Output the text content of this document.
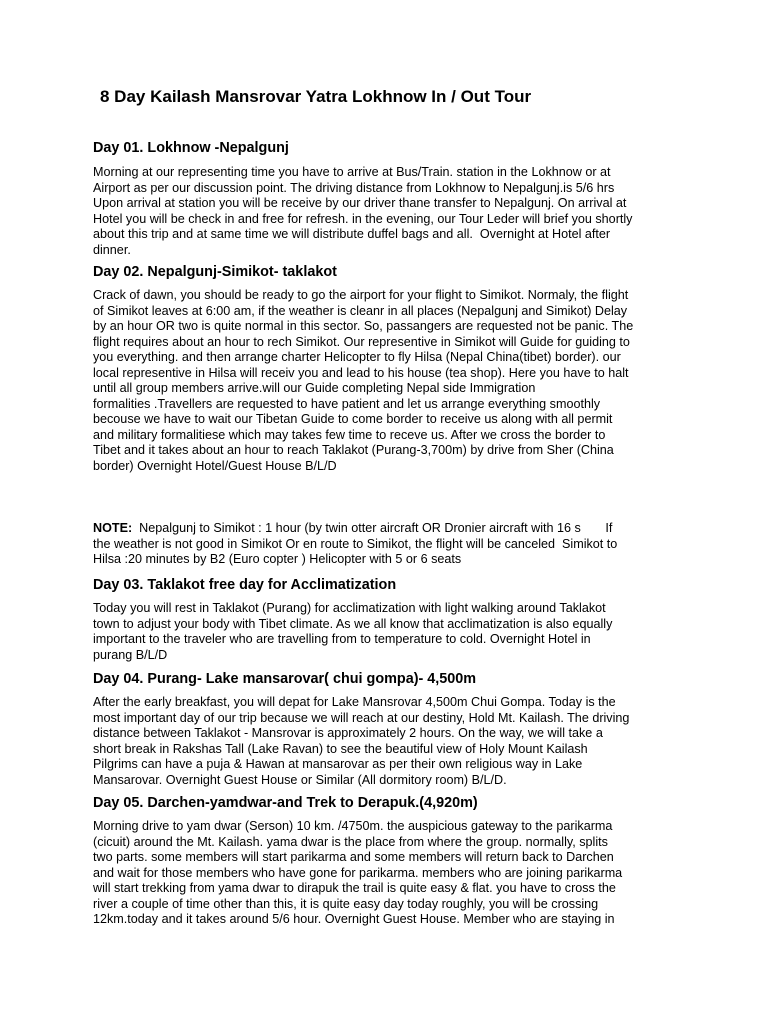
8 Day Kailash Mansrovar Yatra Lokhnow In / Out Tour
Day 01. Lokhnow -Nepalgunj

Morning at our representing time you have to arrive at Bus/Train. station in the Lokhnow or at
Airport as per our discussion point. The driving distance from Lokhnow to Nepalgunj.is 5/6 hrs
Upon arrival at station you will be receive by our driver thane transfer to Nepalgunj. On arrival at
Hotel you will be check in and free for refresh. in the evening, our Tour Leder will brief you shortly
about this trip and at same time we will distribute duffel bags and all.  Overnight at Hotel after
dinner.

Day 02. Nepalgunj-Simikot- taklakot

Crack of dawn, you should be ready to go the airport for your flight to Simikot. Normaly, the flight
of Simikot leaves at 6:00 am, if the weather is cleanr in all places (Nepalgunj and Simikot) Delay
by an hour OR two is quite normal in this sector. So, passangers are requested not be panic. The
flight requires about an hour to rech Simikot. Our representive in Simikot will Guide for guiding to
you everything. and then arrange charter Helicopter to fly Hilsa (Nepal China(tibet) border). our
local representive in Hilsa will receiv you and lead to his house (tea shop). Here you have to halt
until all group members arrive.will our Guide completing Nepal side Immigration
formalities .Travellers are requested to have patient and let us arrange everything smoothly
becouse we have to wait our Tibetan Guide to come border to receive us along with all permit
and military formalitiese which may takes few time to receve us. After we cross the border to
Tibet and it takes about an hour to reach Taklakot (Purang-3,700m) by drive from Sher (China
border) Overnight Hotel/Guest House B/L/D

NOTE:  Nepalgunj to Simikot : 1 hour (by twin otter aircraft OR Dronier aircraft with 16 s       If
the weather is not good in Simikot Or en route to Simikot, the flight will be canceled  Simikot to
Hilsa :20 minutes by B2 (Euro copter ) Helicopter with 5 or 6 seats

Day 03. Taklakot free day for Acclimatization

Today you will rest in Taklakot (Purang) for acclimatization with light walking around Taklakot
town to adjust your body with Tibet climate. As we all know that acclimatization is also equally
important to the traveler who are travelling from to temperature to cold. Overnight Hotel in
purang B/L/D

Day 04. Purang- Lake mansarovar( chui gompa)- 4,500m

After the early breakfast, you will depat for Lake Mansrovar 4,500m Chui Gompa. Today is the
most important day of our trip because we will reach at our destiny, Hold Mt. Kailash. The driving
distance between Taklakot - Mansrovar is approximately 2 hours. On the way, we will take a
short break in Rakshas Tall (Lake Ravan) to see the beautiful view of Holy Mount Kailash
Pilgrims can have a puja & Hawan at mansarovar as per their own religious way in Lake
Mansarovar. Overnight Guest House or Similar (All dormitory room) B/L/D.

Day 05. Darchen-yamdwar-and Trek to Derapuk.(4,920m)

Morning drive to yam dwar (Serson) 10 km. /4750m. the auspicious gateway to the parikarma
(cicuit) around the Mt. Kailash. yama dwar is the place from where the group. normally, splits
two parts. some members will start parikarma and some members will return back to Darchen
and wait for those members who have gone for parikarma. members who are joining parikarma
will start trekking from yama dwar to dirapuk the trail is quite easy & flat. you have to cross the
river a couple of time other than this, it is quite easy day today roughly, you will be crossing
12km.today and it takes around 5/6 hour. Overnight Guest House. Member who are staying in
